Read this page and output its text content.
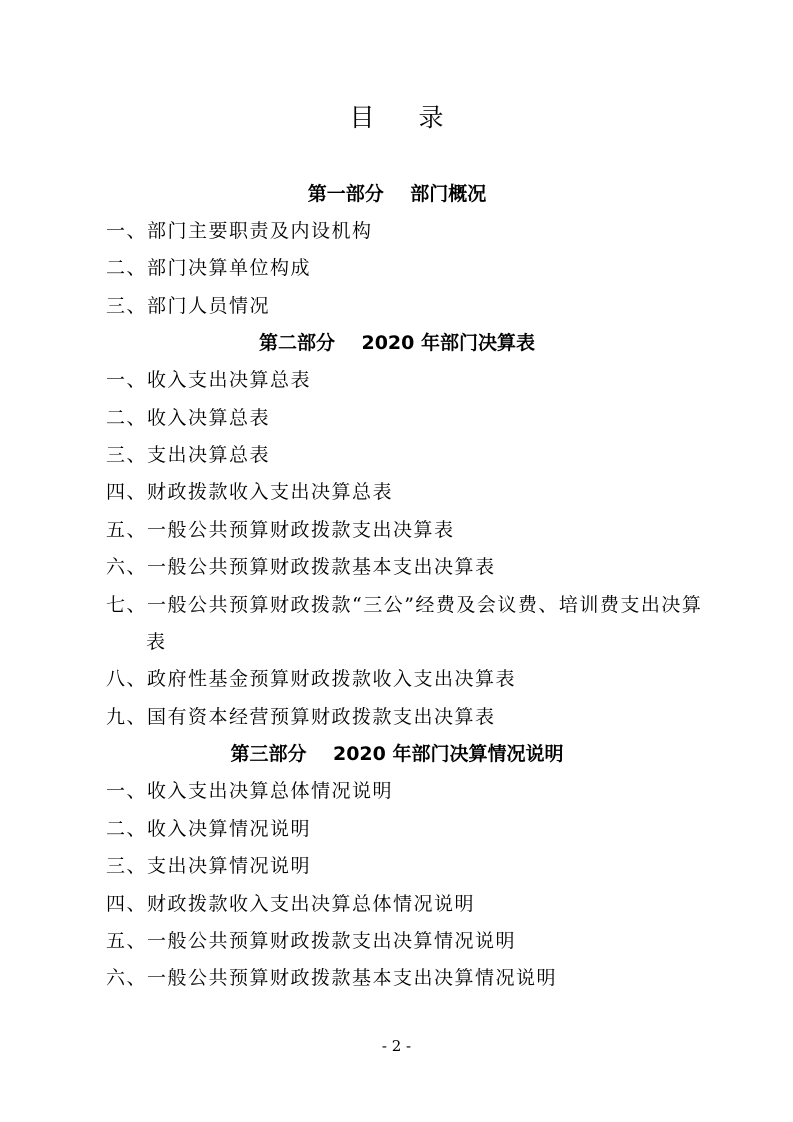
目 录
第一部分    部门概况
一、部门主要职责及内设机构
二、部门决算单位构成
三、部门人员情况
第二部分    2020 年部门决算表
一、收入支出决算总表
二、收入决算总表
三、支出决算总表
四、财政拨款收入支出决算总表
五、一般公共预算财政拨款支出决算表
六、一般公共预算财政拨款基本支出决算表
七、一般公共预算财政拨款“三公”经费及会议费、培训费支出决算表
八、政府性基金预算财政拨款收入支出决算表
九、国有资本经营预算财政拨款支出决算表
第三部分    2020 年部门决算情况说明
一、收入支出决算总体情况说明
二、收入决算情况说明
三、支出决算情况说明
四、财政拨款收入支出决算总体情况说明
五、一般公共预算财政拨款支出决算情况说明
六、一般公共预算财政拨款基本支出决算情况说明
- 2 -
